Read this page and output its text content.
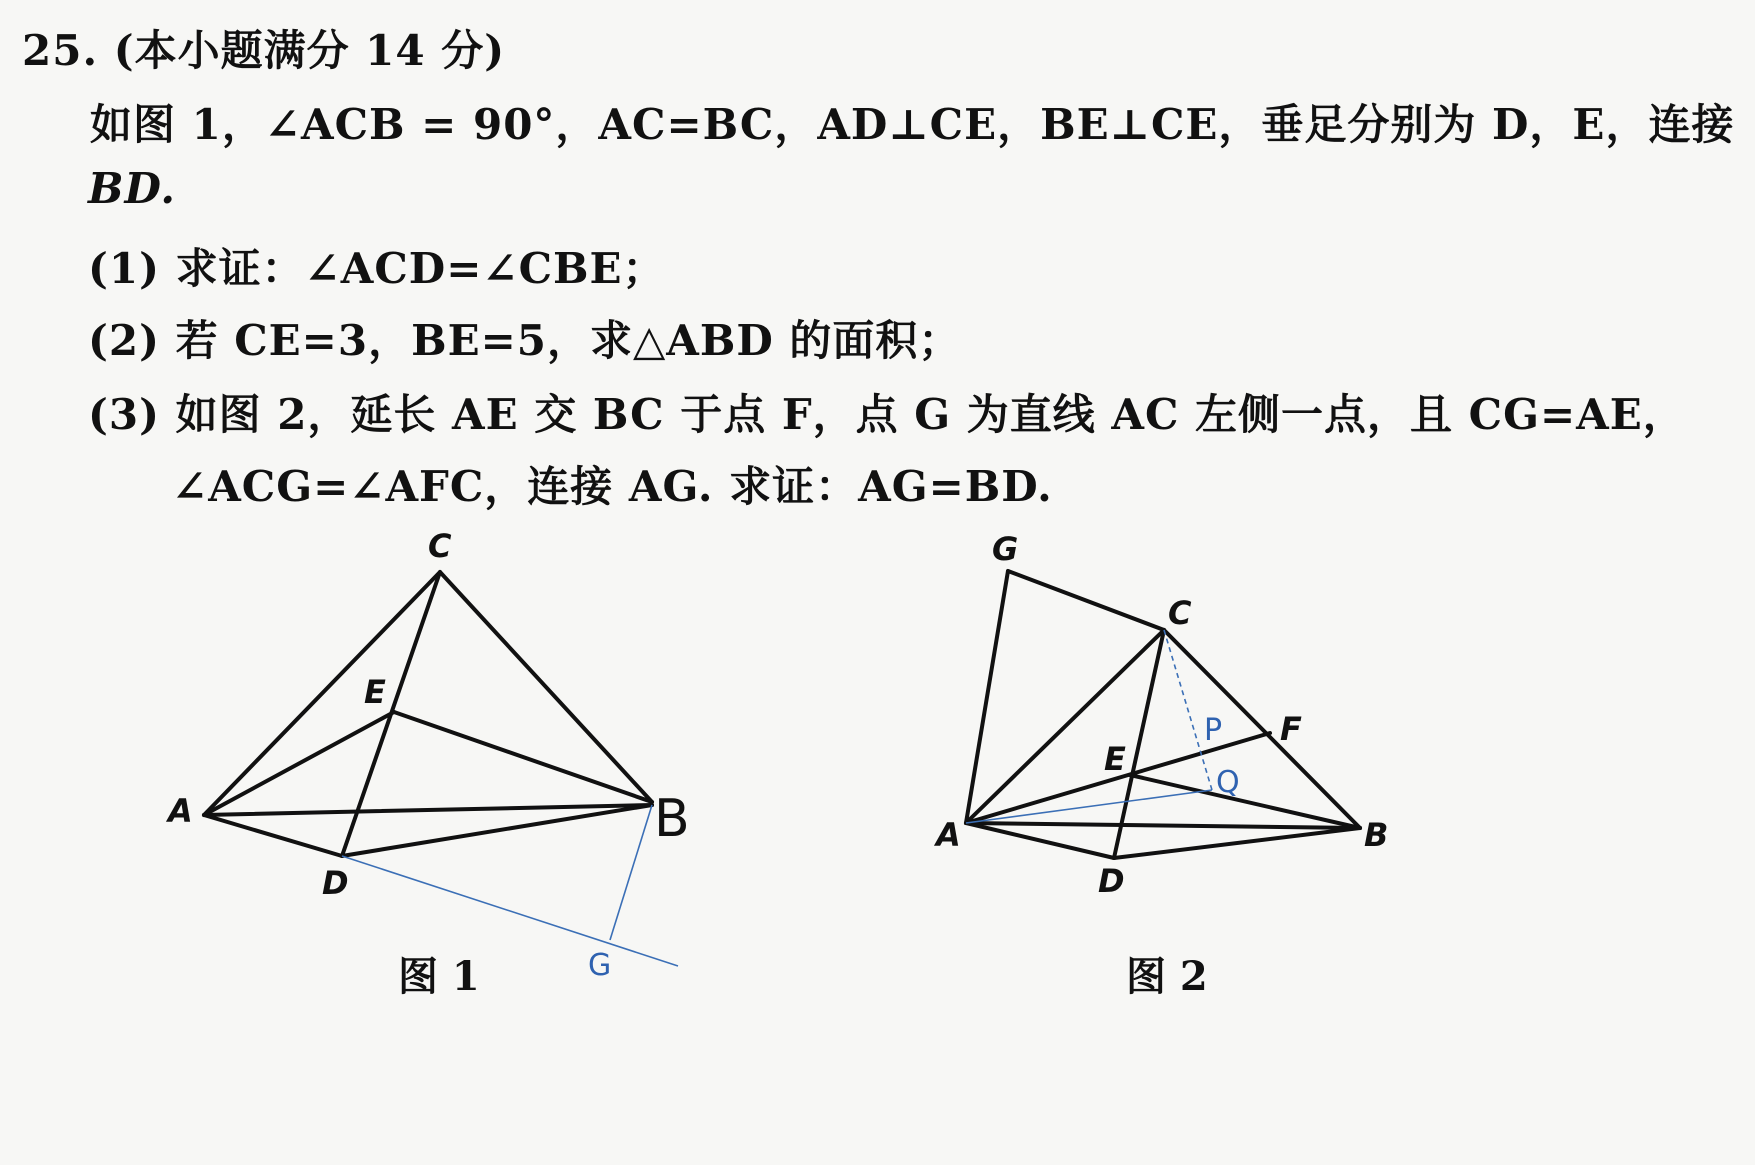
25. (本小题满分 14 分)
如图 1，∠ACB = 90°，AC=BC，AD⊥CE，BE⊥CE，垂足分别为 D，E，连接
BD.
(1) 求证：∠ACD=∠CBE；
(2) 若 CE=3，BE=5，求△ABD 的面积；
(3) 如图 2，延长 AE 交 BC 于点 F，点 G 为直线 AC 左侧一点，且 CG=AE，
∠ACG=∠AFC，连接 AG. 求证：AG=BD.
C
E
A
D
B
G
图 1
G
C
F
E
A	B
D
P
Q
图 2
